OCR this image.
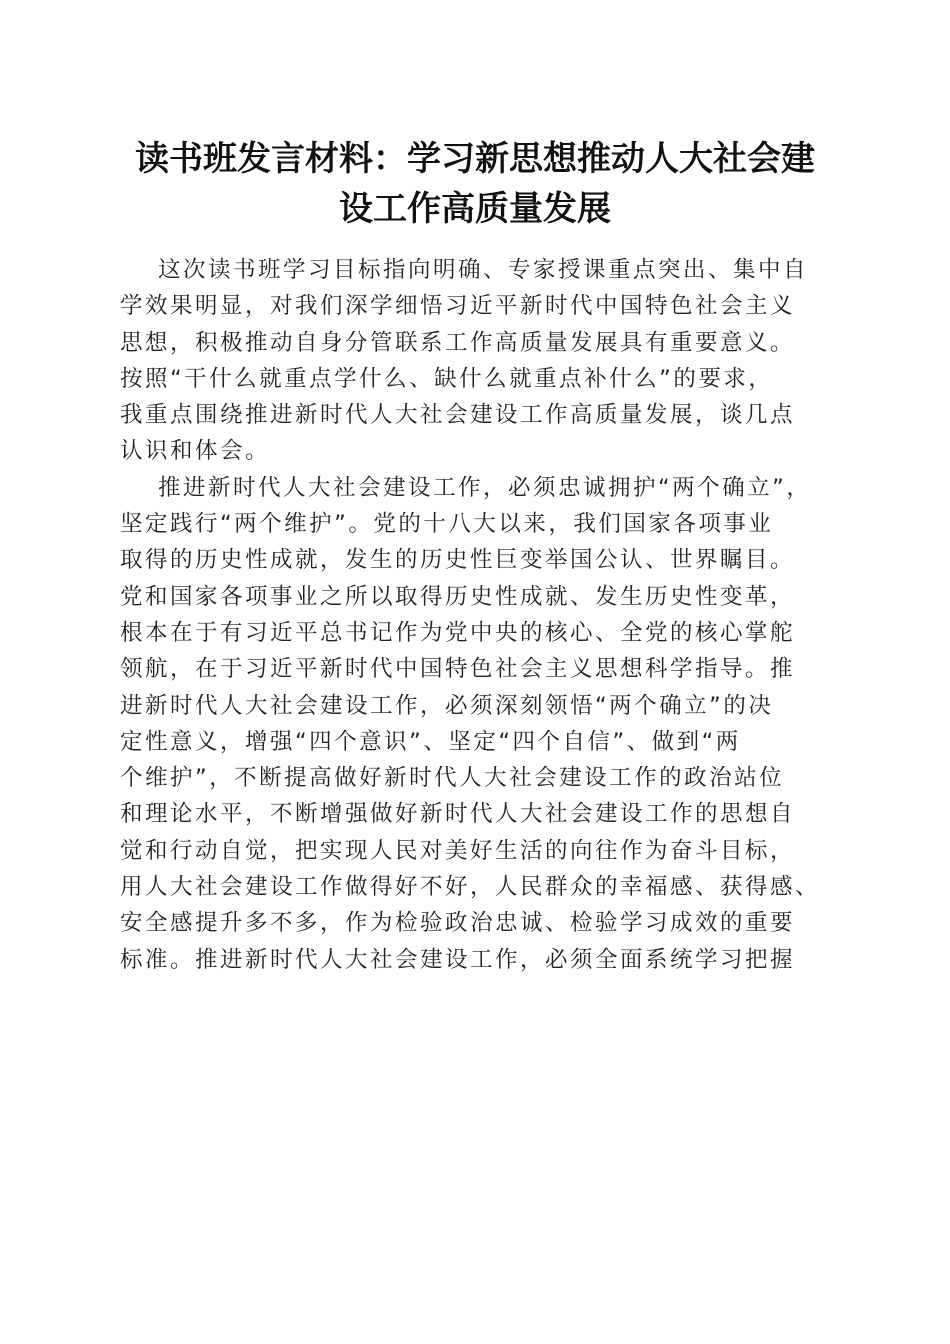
读书班发言材料：学习新思想推动人大社会建
设工作高质量发展
这次读书班学习目标指向明确、专家授课重点突出、集中自
学效果明显，对我们深学细悟习近平新时代中国特色社会主义
思想，积极推动自身分管联系工作高质量发展具有重要意义。
按照“干什么就重点学什么、缺什么就重点补什么”的要求，
我重点围绕推进新时代人大社会建设工作高质量发展，谈几点
认识和体会。
推进新时代人大社会建设工作，必须忠诚拥护“两个确立”，
坚定践行“两个维护”。党的十八大以来，我们国家各项事业
取得的历史性成就，发生的历史性巨变举国公认、世界瞩目。
党和国家各项事业之所以取得历史性成就、发生历史性变革，
根本在于有习近平总书记作为党中央的核心、全党的核心掌舵
领航，在于习近平新时代中国特色社会主义思想科学指导。推
进新时代人大社会建设工作，必须深刻领悟“两个确立”的决
定性意义，增强“四个意识”、坚定“四个自信”、做到“两
个维护”，不断提高做好新时代人大社会建设工作的政治站位
和理论水平，不断增强做好新时代人大社会建设工作的思想自
觉和行动自觉，把实现人民对美好生活的向往作为奋斗目标，
用人大社会建设工作做得好不好，人民群众的幸福感、获得感、
安全感提升多不多，作为检验政治忠诚、检验学习成效的重要
标准。推进新时代人大社会建设工作，必须全面系统学习把握
